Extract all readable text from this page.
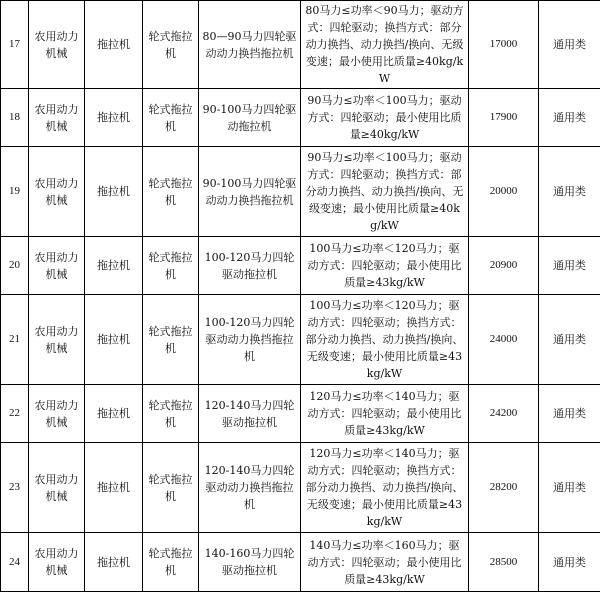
17	农用动力机械	拖拉机	轮式拖拉机	80—90马力四轮驱动动力换挡拖拉机	80马力≤功率＜90马力；驱动方式：四轮驱动；换挡方式：部分动力换挡、动力换挡/换向、无级变速；最小使用比质量≥40kg/kW	17000	通用类
18	农用动力机械	拖拉机	轮式拖拉机	90-100马力四轮驱动拖拉机	90马力≤功率＜100马力；驱动方式：四轮驱动；最小使用比质量≥40kg/kW	17900	通用类
19	农用动力机械	拖拉机	轮式拖拉机	90-100马力四轮驱动动力换挡拖拉机	90马力≤功率＜100马力；驱动方式：四轮驱动；换挡方式：部分动力换挡、动力换挡/换向、无级变速；最小使用比质量≥40kg/kW	20000	通用类
20	农用动力机械	拖拉机	轮式拖拉机	100-120马力四轮驱动拖拉机	100马力≤功率＜120马力；驱动方式：四轮驱动；最小使用比质量≥43kg/kW	20900	通用类
21	农用动力机械	拖拉机	轮式拖拉机	100-120马力四轮驱动动力换挡拖拉机	100马力≤功率＜120马力；驱动方式：四轮驱动；换挡方式：部分动力换挡、动力换挡/换向、无级变速；最小使用比质量≥43kg/kW	24000	通用类
22	农用动力机械	拖拉机	轮式拖拉机	120-140马力四轮驱动拖拉机	120马力≤功率＜140马力；驱动方式：四轮驱动；最小使用比质量≥43kg/kW	24200	通用类
23	农用动力机械	拖拉机	轮式拖拉机	120-140马力四轮驱动动力换挡拖拉机	120马力≤功率＜140马力；驱动方式：四轮驱动；换挡方式：部分动力换挡、动力换挡/换向、无级变速；最小使用比质量≥43kg/kW	28200	通用类
24	农用动力机械	拖拉机	轮式拖拉机	140-160马力四轮驱动拖拉机	140马力≤功率＜160马力；驱动方式：四轮驱动；最小使用比质量≥43kg/kW	28500	通用类
